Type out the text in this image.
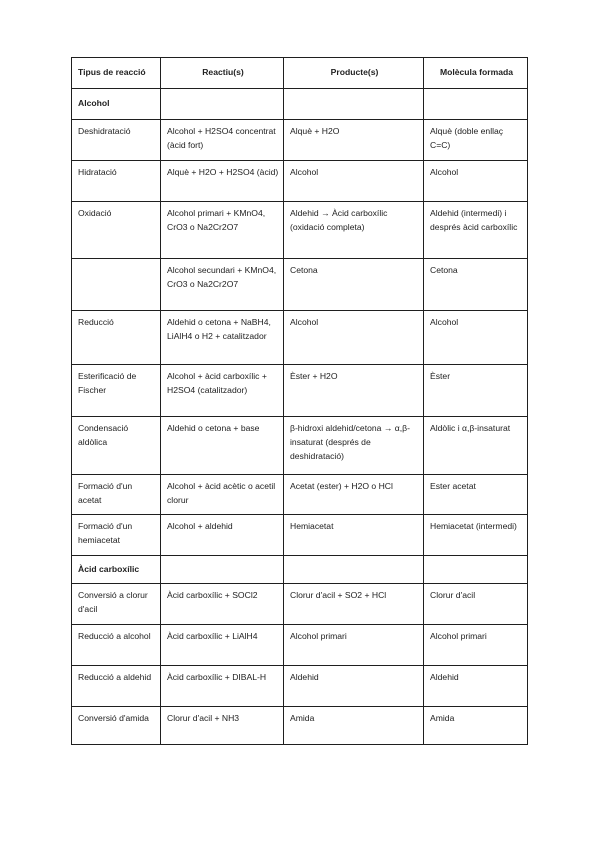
Tipus de reacció	Reactiu(s)	Producte(s)	Molècula formada
Alcohol			
Deshidratació	Alcohol + H2SO4 concentrat (àcid fort)	Alquè + H2O	Alquè (doble enllaç C=C)
Hidratació	Alquè + H2O + H2SO4 (àcid)	Alcohol	Alcohol
Oxidació	Alcohol primari + KMnO4, CrO3 o Na2Cr2O7	Aldehid → Àcid carboxílic (oxidació completa)	Aldehid (intermedi) i després àcid carboxílic
	Alcohol secundari + KMnO4, CrO3 o Na2Cr2O7	Cetona	Cetona
Reducció	Aldehid o cetona + NaBH4, LiAlH4 o H2 + catalitzador	Alcohol	Alcohol
Esterificació de Fischer	Alcohol + àcid carboxílic + H2SO4 (catalitzador)	Èster + H2O	Èster
Condensació aldòlica	Aldehid o cetona + base	β-hidroxi aldehid/cetona → α,β-insaturat (després de deshidratació)	Aldòlic i α,β-insaturat
Formació d'un acetat	Alcohol + àcid acètic o acetil clorur	Acetat (ester) + H2O o HCl	Ester acetat
Formació d'un hemiacetat	Alcohol + aldehid	Hemiacetat	Hemiacetat (intermedi)
Àcid carboxílic			
Conversió a clorur d'acil	Àcid carboxílic + SOCl2	Clorur d'acil + SO2 + HCl	Clorur d'acil
Reducció a alcohol	Àcid carboxílic + LiAlH4	Alcohol primari	Alcohol primari
Reducció a aldehid	Àcid carboxílic + DIBAL-H	Aldehid	Aldehid
Conversió d'amida	Clorur d'acil + NH3	Amida	Amida
